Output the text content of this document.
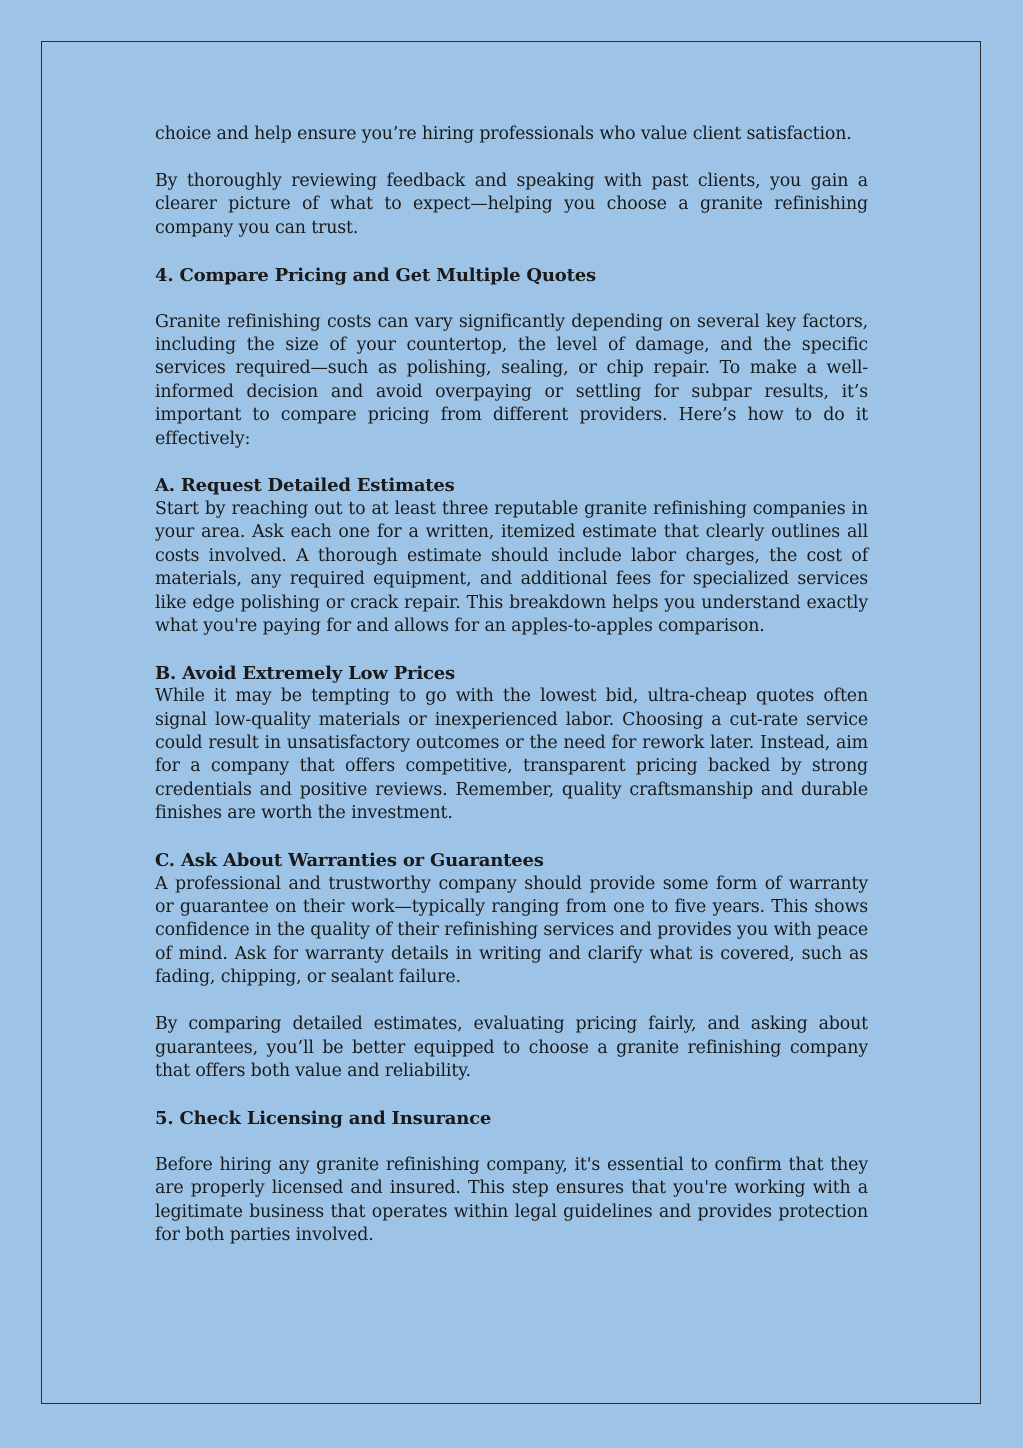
choice and help ensure you’re hiring professionals who value client satisfaction.

By thoroughly reviewing feedback and speaking with past clients, you gain a clearer picture of what to expect—helping you choose a granite refinishing company you can trust.

4. Compare Pricing and Get Multiple Quotes

Granite refinishing costs can vary significantly depending on several key factors, including the size of your countertop, the level of damage, and the specific services required—such as polishing, sealing, or chip repair. To make a well-informed decision and avoid overpaying or settling for subpar results, it’s important to compare pricing from different providers. Here’s how to do it effectively:

A. Request Detailed Estimates

Start by reaching out to at least three reputable granite refinishing companies in your area. Ask each one for a written, itemized estimate that clearly outlines all costs involved. A thorough estimate should include labor charges, the cost of materials, any required equipment, and additional fees for specialized services like edge polishing or crack repair. This breakdown helps you understand exactly what you're paying for and allows for an apples-to-apples comparison.

B. Avoid Extremely Low Prices

While it may be tempting to go with the lowest bid, ultra-cheap quotes often signal low-quality materials or inexperienced labor. Choosing a cut-rate service could result in unsatisfactory outcomes or the need for rework later. Instead, aim for a company that offers competitive, transparent pricing backed by strong credentials and positive reviews. Remember, quality craftsmanship and durable finishes are worth the investment.

C. Ask About Warranties or Guarantees

A professional and trustworthy company should provide some form of warranty or guarantee on their work—typically ranging from one to five years. This shows confidence in the quality of their refinishing services and provides you with peace of mind. Ask for warranty details in writing and clarify what is covered, such as fading, chipping, or sealant failure.

By comparing detailed estimates, evaluating pricing fairly, and asking about guarantees, you’ll be better equipped to choose a granite refinishing company that offers both value and reliability.

5. Check Licensing and Insurance

Before hiring any granite refinishing company, it's essential to confirm that they are properly licensed and insured. This step ensures that you're working with a legitimate business that operates within legal guidelines and provides protection for both parties involved.
